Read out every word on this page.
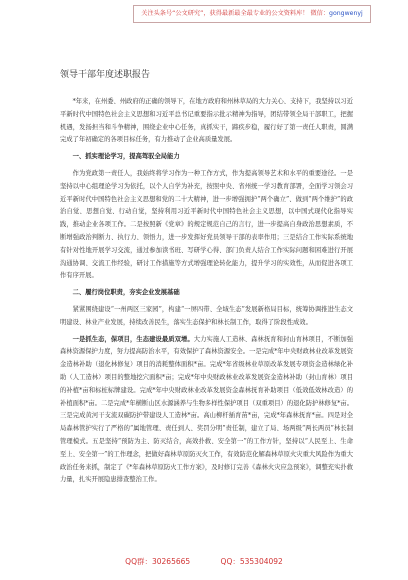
关注头条号“公文研究”，获得最新最全最专业的公文资料库！ 微信：gongwenyj
领导干部年度述职报告

*年来，在州委、州政府的正确的领导下，在地方政府和州林草局的大力关心、支持下，我坚持以习近平新时代中国特色社会主义思想和习近平总书记重要指示批示精神为指导，团结带领全局干部职工，把握机遇，发扬担当和斗争精神，围绕企业中心任务，真抓实干，蹄疾步稳，履行好了第一责任人职责，圆满完成了年初确定的各项目标任务，有力推动了企业高质量发展。

一、抓实理论学习，提高驾驭全局能力

作为党政第一责任人，我始终将学习作为一种工作方式，作为提高领导艺术和水平的重要途径。一是坚持以中心组理论学习为依托，以个人自学为补充，按照中央、省州统一学习教育部署，全面学习领会习近平新时代中国特色社会主义思想和党的二十大精神，进一步增强拥护“两个确立”、做到“两个维护”的政治自觉、思想自觉、行动自觉，坚持利用习近平新时代中国特色社会主义思想，以中国式现代化指导实践，推动企业各项工作。二是按照新《党章》的规定规范自己的言行，进一步提高自身政治思想素质，不断增强政治判断力、执行力、领悟力，进一步发挥好党员领导干部的表率作用；三是结合工作实际系统地有针对性地开展学习交流，通过参加读书班、写研学心得、部门负责人结合工作实际问题和困难进行开展沟通协调、交流工作经验，研讨工作措施等方式增强理论转化能力，提升学习的实效性，从而促进各项工作有序开展。

二、履行岗位职责，夯实企业发展基础

紧紧围绕建设“一州两区三家园”，构建“一屏四带、全域生态”发展新格局目标，统筹协调推进生态文明建设、林业产业发展，持续改善民生，落实生态保护和林长制工作，取得了阶段性成效。

一是抓生态，保项目，生态建设最质双增。大力实施人工造林、森林抚育和封山育林项目，不断加强森林资源保护力度，努力提高防治水平，有效保护了森林资源安全。一是完成*年中央财政林业改革发展资金造林补助（退化林修复）项目的消耗整体面积*亩。完成*年省级林业草原改革发展专项资金造林绿化补助（人工造林）项目的整地挖穴面积*亩；完成*年中央财政林业改革发展资金造林补助（封山育林）项目的补植*亩和标桩标牌建设。完成*年中央财政林业改革发展资金森林抚育补助项目（低效低效林改造）的补植面积*亩。二是完成*年横断山区水源涵养与生物多样性保护项目（双重项目）的退化防护林修复*亩。三是完成黄河干支流双碳防护带建设人工造林*亩。高山柳杆插育苗*亩，完成*年森林抚育*亩。四是对全局森林管护实行了严格的“属地管理、责任到人、奖罚分明”责任制，建立了局、场两级“两长两员”林长制管理模式。五是坚持“预防为主、防灭结合，高效扑救、安全第一”的工作方针，坚持以“人民至上、生命至上、安全第一”的工作理念，把做好森林草原防灭火工作，有效防范化解森林草原火灾重大风险作为重大政治任务来抓，制定了《*年森林草原防火工作方案》，及时修订完善《森林火灾应急预案》，调整充实扑救力量，扎实开展隐患排查整治工作。

QQ群：30265665	QQ：535304092
